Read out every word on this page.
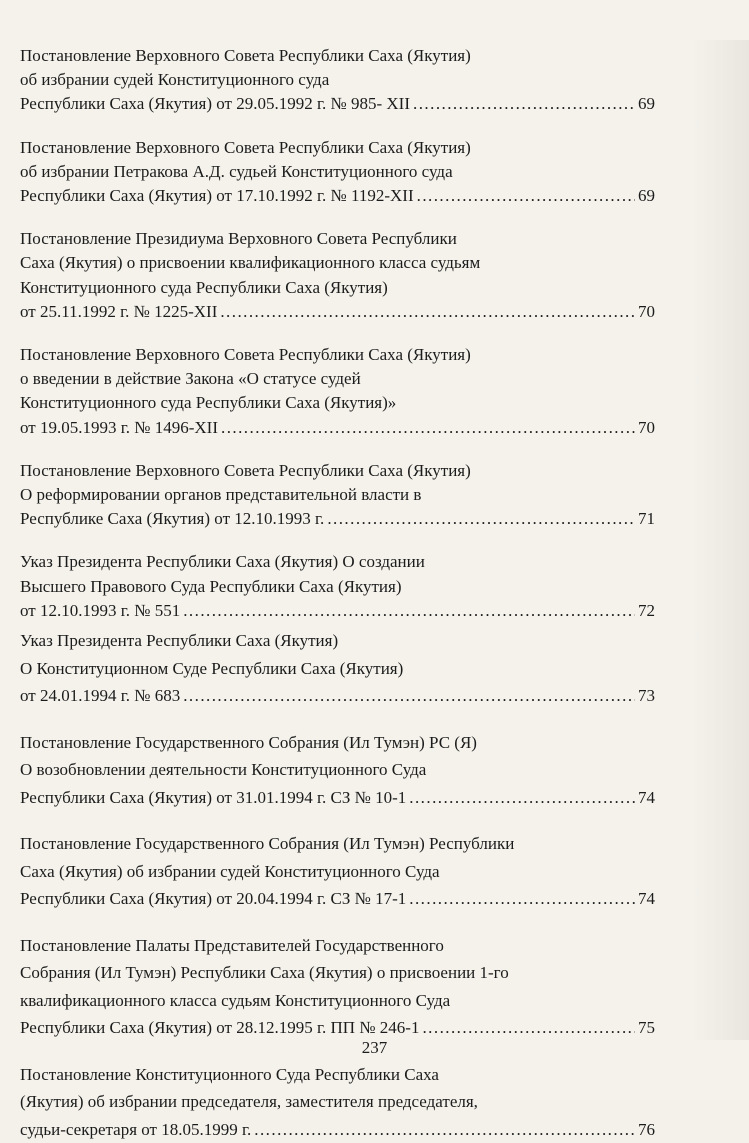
Постановление Верховного Совета Республики Саха (Якутия)
об избрании судей Конституционного суда
Республики Саха (Якутия) от 29.05.1992 г. № 985- XII . . .	69
Постановление Верховного Совета Республики Саха (Якутия)
об избрании Петракова А.Д. судьей Конституционного суда
Республики Саха (Якутия) от 17.10.1992 г. № 1192-XII . . .	69
Постановление Президиума Верховного Совета Республики
Саха (Якутия) о присвоении квалификационного класса судьям
Конституционного суда Республики Саха (Якутия)
от 25.11.1992 г. № 1225-XII . . .	70
Постановление Верховного Совета Республики Саха (Якутия)
о введении в действие Закона «О статусе судей
Конституционного суда Республики Саха (Якутия)»
от 19.05.1993 г. № 1496-XII . . .	70
Постановление Верховного Совета Республики Саха (Якутия)
О реформировании органов представительной власти в
Республике Саха (Якутия) от 12.10.1993 г. . . .	71
Указ Президента Республики Саха (Якутия) О создании
Высшего Правового Суда Республики Саха (Якутия)
от 12.10.1993 г. № 551 . . .	72
Указ Президента Республики Саха (Якутия)
О Конституционном Суде Республики Саха (Якутия)
от 24.01.1994 г. № 683 . . .	73
Постановление Государственного Собрания (Ил Тумэн) РС (Я)
О возобновлении деятельности Конституционного Суда
Республики Саха (Якутия) от 31.01.1994 г. СЗ № 10-1 . . .	74
Постановление Государственного Собрания (Ил Тумэн) Республики
Саха (Якутия) об избрании судей Конституционного Суда
Республики Саха (Якутия) от 20.04.1994 г. СЗ № 17-1 . . .	74
Постановление Палаты Представителей Государственного
Собрания (Ил Тумэн) Республики Саха (Якутия) о присвоении 1-го
квалификационного класса судьям Конституционного Суда
Республики Саха (Якутия) от 28.12.1995 г. ПП № 246-1 . . .	75
Постановление Конституционного Суда Республики Саха
(Якутия) об избрании председателя, заместителя председателя,
судьи-секретаря от 18.05.1999 г. . . .	76
237
